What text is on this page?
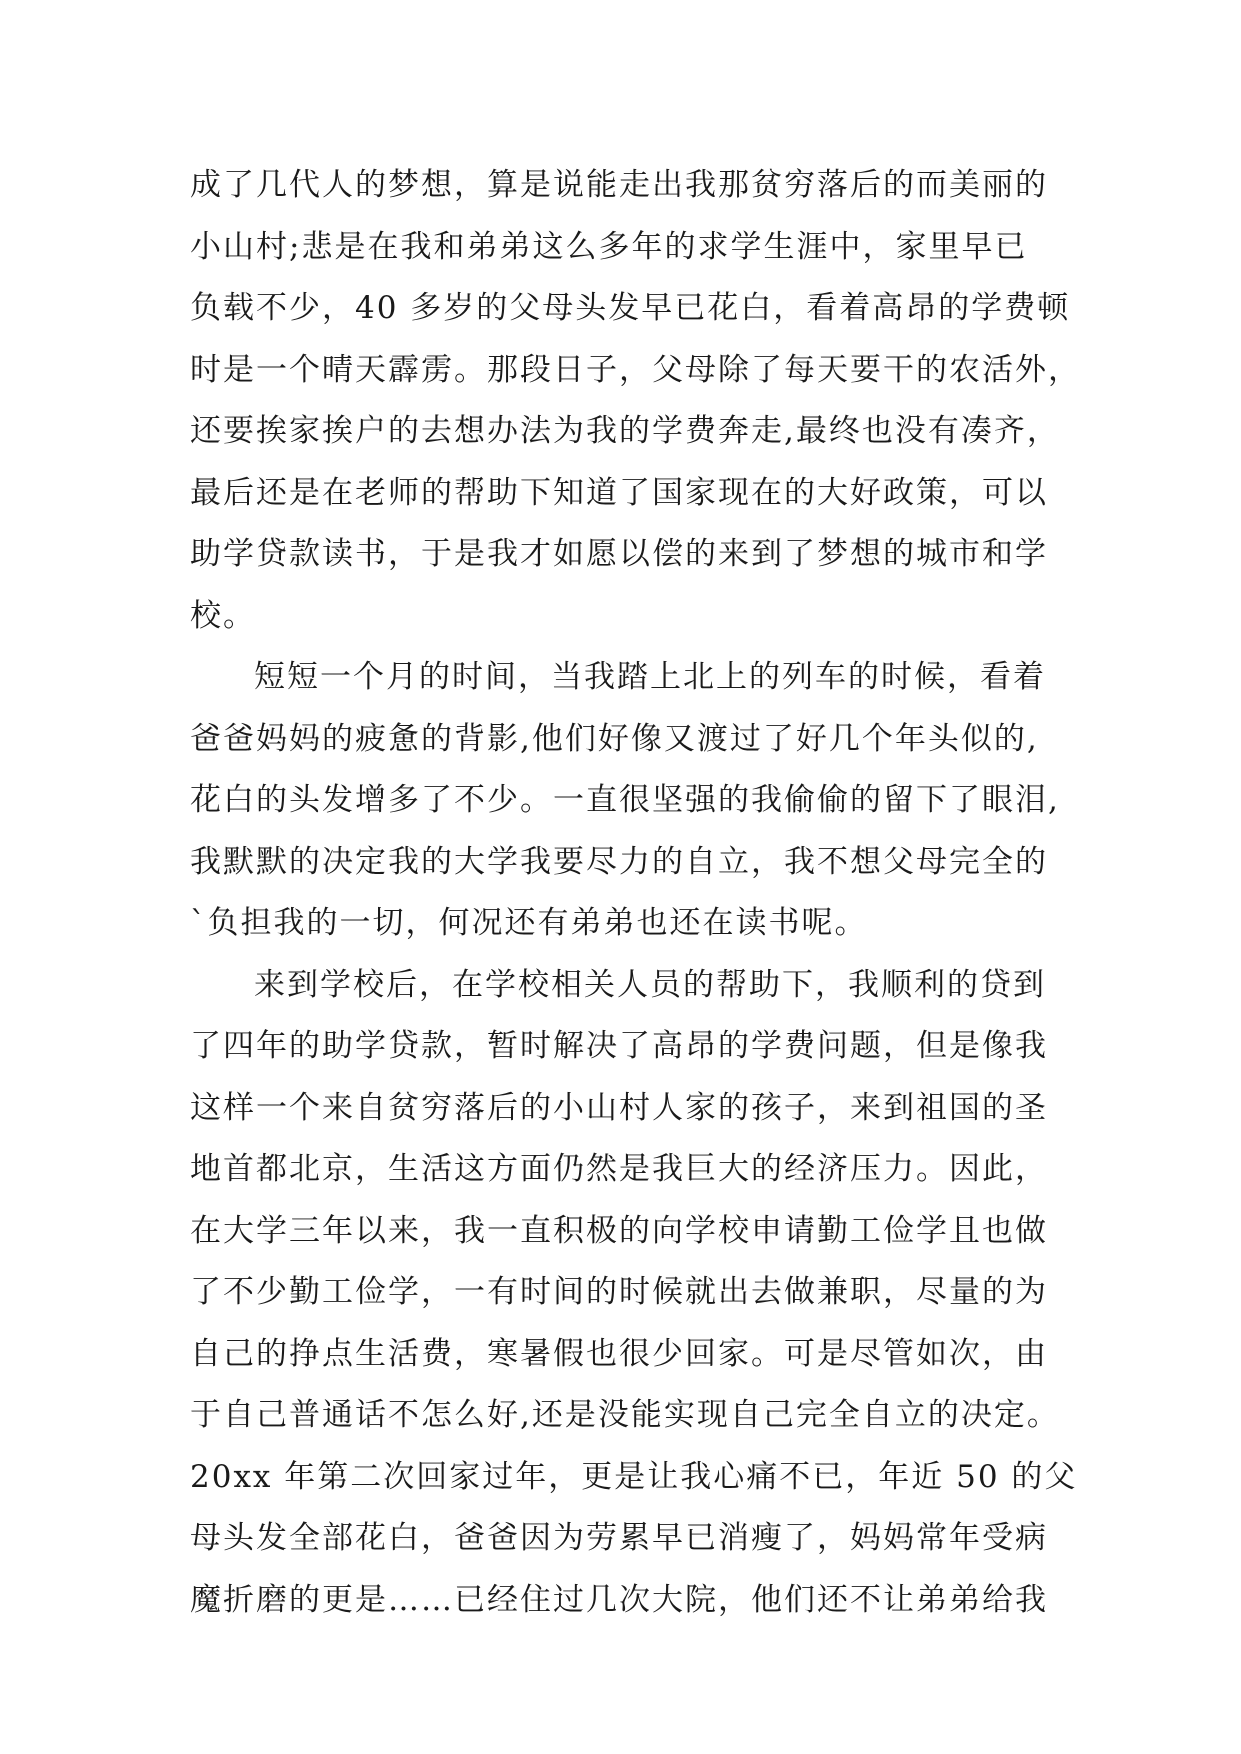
成了几代人的梦想，算是说能走出我那贫穷落后的而美丽的
小山村;悲是在我和弟弟这么多年的求学生涯中，家里早已
负载不少，40 多岁的父母头发早已花白，看着高昂的学费顿
时是一个晴天霹雳。那段日子，父母除了每天要干的农活外，
还要挨家挨户的去想办法为我的学费奔走,最终也没有凑齐，
最后还是在老师的帮助下知道了国家现在的大好政策，可以
助学贷款读书，于是我才如愿以偿的来到了梦想的城市和学
校。
短短一个月的时间，当我踏上北上的列车的时候，看着
爸爸妈妈的疲惫的背影,他们好像又渡过了好几个年头似的,
花白的头发增多了不少。一直很坚强的我偷偷的留下了眼泪,
我默默的决定我的大学我要尽力的自立，我不想父母完全的
`负担我的一切，何况还有弟弟也还在读书呢。
来到学校后，在学校相关人员的帮助下，我顺利的贷到
了四年的助学贷款，暂时解决了高昂的学费问题，但是像我
这样一个来自贫穷落后的小山村人家的孩子，来到祖国的圣
地首都北京，生活这方面仍然是我巨大的经济压力。因此，
在大学三年以来，我一直积极的向学校申请勤工俭学且也做
了不少勤工俭学，一有时间的时候就出去做兼职，尽量的为
自己的挣点生活费，寒暑假也很少回家。可是尽管如次，由
于自己普通话不怎么好,还是没能实现自己完全自立的决定。
20xx 年第二次回家过年，更是让我心痛不已，年近 50 的父
母头发全部花白，爸爸因为劳累早已消瘦了，妈妈常年受病
魔折磨的更是……已经住过几次大院，他们还不让弟弟给我
